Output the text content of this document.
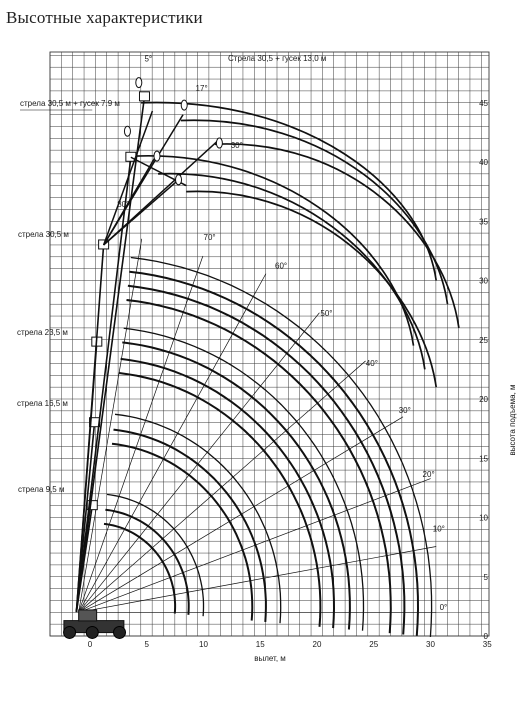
Высотные характеристики
0	5	10	15	20	25	30	35
0
5
10
15
20
25
30
35
40
45
вылет, м
высота подъема, м
0°
10°
20°
30°
40°
50°
60°
70°
80°
стрела 9,5 м
стрела 16,5 м
стрела 23,5 м
стрела 30,5 м
стрела 30,5 м + гусек 7,9 м
Стрела 30,5 + гусек 13,0 м
5°
17°
30°
